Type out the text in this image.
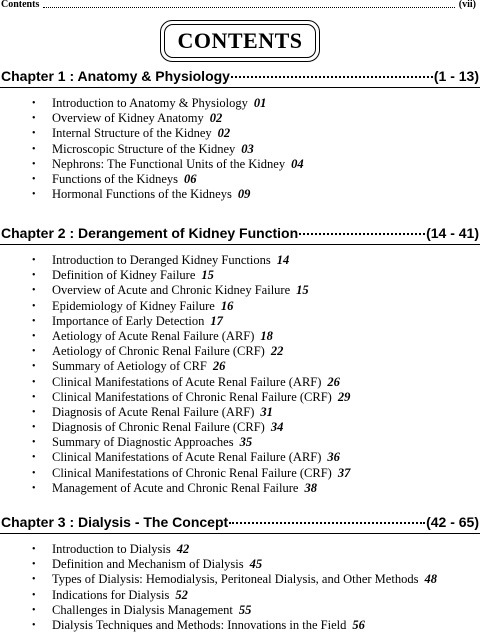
Contents	(vii)
CONTENTS
Chapter 1 : Anatomy & Physiology	(1 - 13)
• Introduction to Anatomy & Physiology 01
• Overview of Kidney Anatomy 02
• Internal Structure of the Kidney 02
• Microscopic Structure of the Kidney 03
• Nephrons: The Functional Units of the Kidney 04
• Functions of the Kidneys 06
• Hormonal Functions of the Kidneys 09
Chapter 2 : Derangement of Kidney Function	(14 - 41)
• Introduction to Deranged Kidney Functions 14
• Definition of Kidney Failure 15
• Overview of Acute and Chronic Kidney Failure 15
• Epidemiology of Kidney Failure 16
• Importance of Early Detection 17
• Aetiology of Acute Renal Failure (ARF) 18
• Aetiology of Chronic Renal Failure (CRF) 22
• Summary of Aetiology of CRF 26
• Clinical Manifestations of Acute Renal Failure (ARF) 26
• Clinical Manifestations of Chronic Renal Failure (CRF) 29
• Diagnosis of Acute Renal Failure (ARF) 31
• Diagnosis of Chronic Renal Failure (CRF) 34
• Summary of Diagnostic Approaches 35
• Clinical Manifestations of Acute Renal Failure (ARF) 36
• Clinical Manifestations of Chronic Renal Failure (CRF) 37
• Management of Acute and Chronic Renal Failure 38
Chapter 3 : Dialysis - The Concept	(42 - 65)
• Introduction to Dialysis 42
• Definition and Mechanism of Dialysis 45
• Types of Dialysis: Hemodialysis, Peritoneal Dialysis, and Other Methods 48
• Indications for Dialysis 52
• Challenges in Dialysis Management 55
• Dialysis Techniques and Methods: Innovations in the Field 56
